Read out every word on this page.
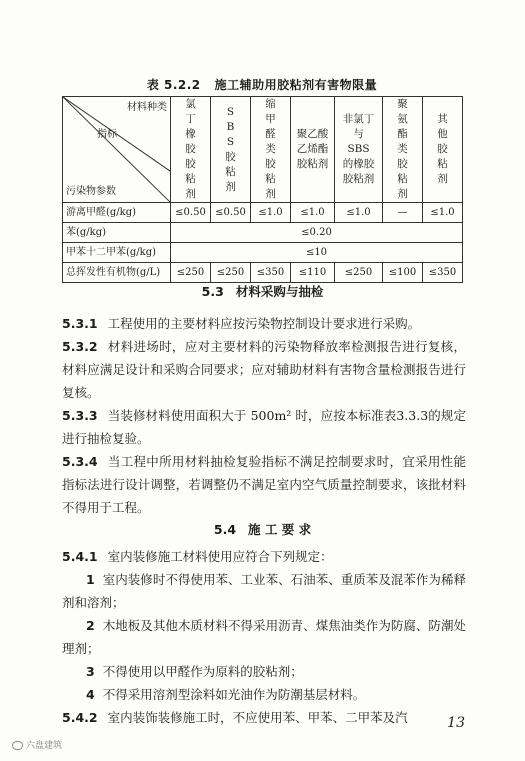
表 5.2.2 施工辅助用胶粘剂有害物限量
材料种类
指标
污染物参数	氯丁橡胶胶粘剂	SBS胶粘剂	缩甲醛类胶粘剂	聚乙酸乙烯酯胶粘剂	非氯丁与SBS的橡胶胶粘剂	聚氨酯类胶粘剂	其他胶粘剂
游离甲醛(g/kg)	≤0.50	≤0.50	≤1.0	≤1.0	≤1.0	—	≤1.0
苯(g/kg)	≤0.20						
甲苯十二甲苯(g/kg)	≤10						
总挥发性有机物(g/L)	≤250	≤250	≤350	≤110	≤250	≤100	≤350
5.3 材料采购与抽检

5.3.1 工程使用的主要材料应按污染物控制设计要求进行采购。

5.3.2 材料进场时，应对主要材料的污染物释放率检测报告进行复核，材料应满足设计和采购合同要求；应对辅助材料有害物含量检测报告进行复核。

5.3.3 当装修材料使用面积大于 500m² 时，应按本标准表3.3.3的规定进行抽检复验。

5.3.4 当工程中所用材料抽检复验指标不满足控制要求时，宜采用性能指标法进行设计调整，若调整仍不满足室内空气质量控制要求，该批材料不得用于工程。

5.4 施 工 要 求

5.4.1 室内装修施工材料使用应符合下列规定：

1 室内装修时不得使用苯、工业苯、石油苯、重质苯及混苯作为稀释剂和溶剂；

2 木地板及其他木质材料不得采用沥青、煤焦油类作为防腐、防潮处理剂；

3 不得使用以甲醛作为原料的胶粘剂；

4 不得采用溶剂型涂料如光油作为防潮基层材料。

5.4.2 室内装饰装修施工时，不应使用苯、甲苯、二甲苯及汽	13
六盘建筑
